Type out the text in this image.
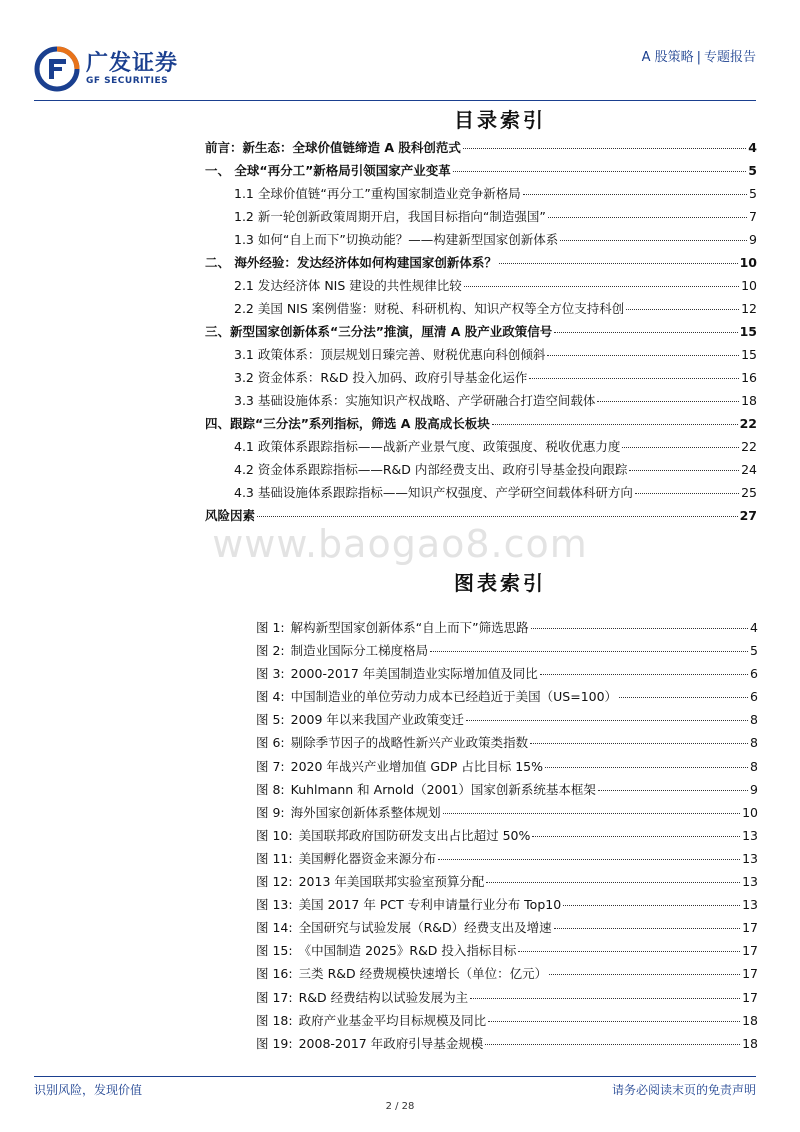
广发证券
GF SECURITIES
A 股策略 | 专题报告
目录索引
前言：新生态：全球价值链缔造 A 股科创范式	4
一、 全球“再分工”新格局引领国家产业变革	5
1.1 全球价值链“再分工”重构国家制造业竞争新格局	5
1.2 新一轮创新政策周期开启，我国目标指向“制造强国”	7
1.3 如何“自上而下”切换动能？——构建新型国家创新体系	9
二、 海外经验：发达经济体如何构建国家创新体系？	10
2.1 发达经济体 NIS 建设的共性规律比较	10
2.2 美国 NIS 案例借鉴：财税、科研机构、知识产权等全方位支持科创	12
三、新型国家创新体系“三分法”推演，厘清 A 股产业政策信号	15
3.1 政策体系：顶层规划日臻完善、财税优惠向科创倾斜	15
3.2 资金体系：R&D 投入加码、政府引导基金化运作	16
3.3 基础设施体系：实施知识产权战略、产学研融合打造空间载体	18
四、跟踪“三分法”系列指标，筛选 A 股高成长板块	22
4.1 政策体系跟踪指标——战新产业景气度、政策强度、税收优惠力度	22
4.2 资金体系跟踪指标——R&D 内部经费支出、政府引导基金投向跟踪	24
4.3 基础设施体系跟踪指标——知识产权强度、产学研空间载体科研方向	25
风险因素	27
www.baogao8.com
图表索引
图 1: 解构新型国家创新体系“自上而下”筛选思路	4
图 2: 制造业国际分工梯度格局	5
图 3: 2000-2017 年美国制造业实际增加值及同比	6
图 4: 中国制造业的单位劳动力成本已经趋近于美国（US=100）	6
图 5: 2009 年以来我国产业政策变迁	8
图 6: 剔除季节因子的战略性新兴产业政策类指数	8
图 7: 2020 年战兴产业增加值 GDP 占比目标 15%	8
图 8: Kuhlmann 和 Arnold（2001）国家创新系统基本框架	9
图 9: 海外国家创新体系整体规划	10
图 10: 美国联邦政府国防研发支出占比超过 50%	13
图 11: 美国孵化器资金来源分布	13
图 12: 2013 年美国联邦实验室预算分配	13
图 13: 美国 2017 年 PCT 专利申请量行业分布 Top10	13
图 14: 全国研究与试验发展（R&D）经费支出及增速	17
图 15: 《中国制造 2025》R&D 投入指标目标	17
图 16: 三类 R&D 经费规模快速增长（单位：亿元）	17
图 17: R&D 经费结构以试验发展为主	17
图 18: 政府产业基金平均目标规模及同比	18
图 19: 2008-2017 年政府引导基金规模	18
识别风险，发现价值	请务必阅读末页的免责声明
2 / 28
